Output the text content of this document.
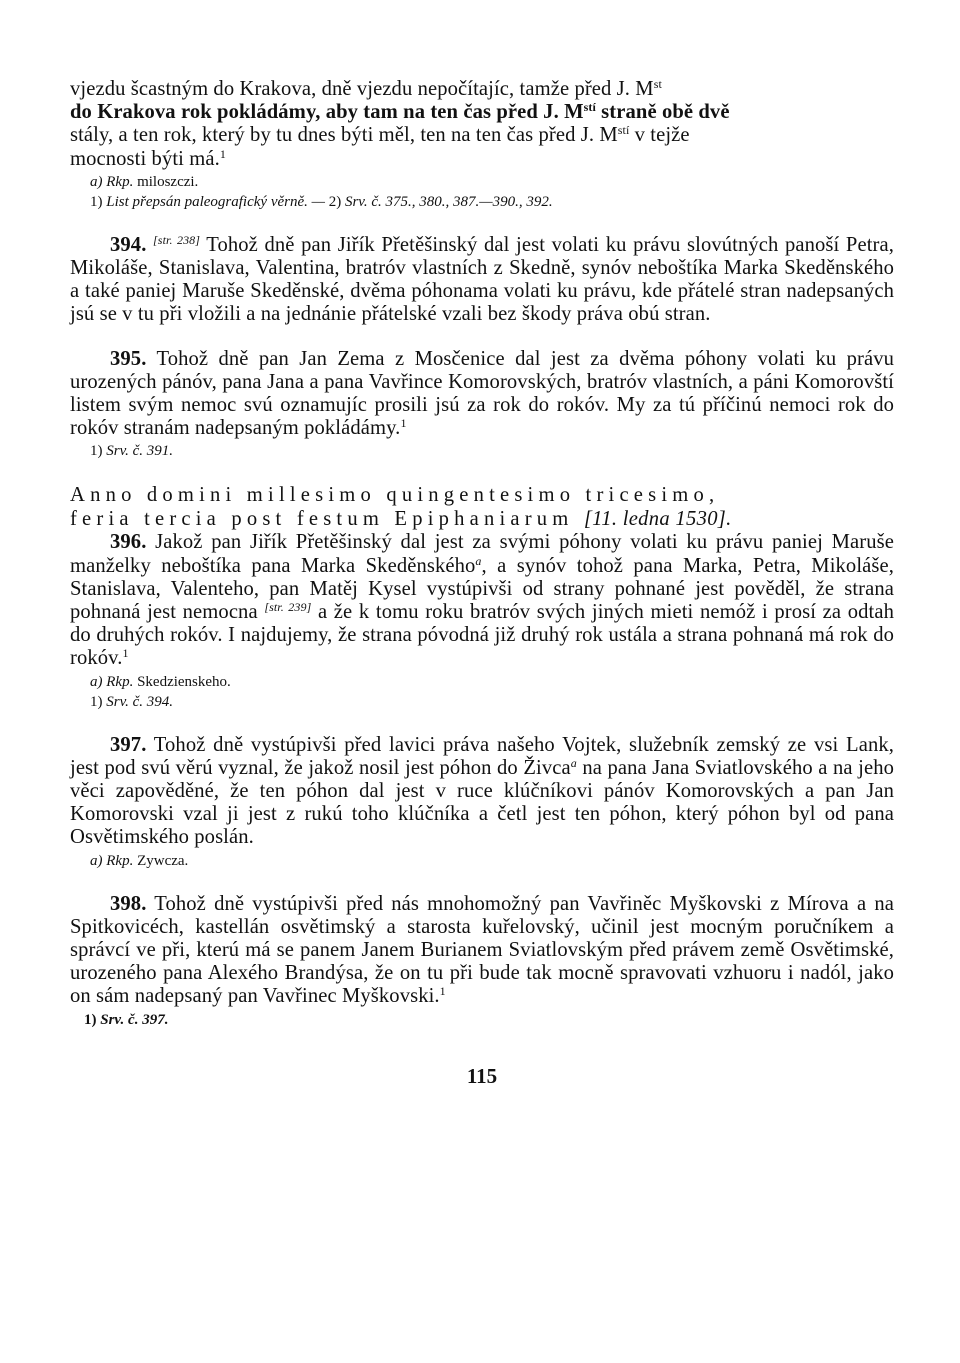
vjezdu šcastným do Krakova, dně vjezdu nepočítajíc, tamže před J. Mst
do Krakova rok pokládámy, aby tam na ten čas před J. $M^{stí}$ straně obě dvě
stály, a ten rok, který by tu dnes býti měl, ten na ten čas před J. $M^{stí}$ v tejže
mocnosti býti má.$^1$

a) Rkp. miloszczi.
1) List přepsán paleografický věrně. — 2) Srv. č. 375., 380., 387.—390., 392.

394. [str. 238] Tohož dně pan Jiřík Přetěšinský dal jest volati ku právu slovútných panoší Petra, Mikoláše, Stanislava, Valentina, bratróv vlastních z Skedně, synóv neboštíka Marka Skeděnského a také paniej Maruše Skeděnské, dvěma póhonama volati ku právu, kde přátelé stran nadepsaných jsú se v tu při vložili a na jednánie přátelské vzali bez škody práva obú stran.

395. Tohož dně pan Jan Zema z Mosčenice dal jest za dvěma póhony volati ku právu urozených pánóv, pana Jana a pana Vavřince Komorovských, bratróv vlastních, a páni Komorovští listem svým nemoc svú oznamujíc prosili jsú za rok do rokóv. My za tú příčinú nemoci rok do rokóv stranám nadepsaným pokládámy.$^1$

1) Srv. č. 391.

Anno domini millesimo quingentesimo tricesimo,

feria tercia post festum Epiphaniarum [11. ledna 1530].

396. Jakož pan Jiřík Přetěšinský dal jest za svými póhony volati ku právu paniej Maruše manželky neboštíka pana Marka Skeděnského$^a$, a synóv tohož pana Marka, Petra, Mikoláše, Stanislava, Valenteho, pan Matěj Kysel vystúpivši od strany pohnané jest pověděl, že strana pohnaná jest nemocna [str. 239] a že k tomu roku bratróv svých jiných mieti nemóž i prosí za odtah do druhých rokóv. I najdujemy, že strana póvodná již druhý rok ustála a strana pohnaná má rok do rokóv.$^1$

a) Rkp. Skedzienskeho.
1) Srv. č. 394.

397. Tohož dně vystúpivši před lavici práva našeho Vojtek, služebník zemský ze vsi Lank, jest pod svú věrú vyznal, že jakož nosil jest póhon do Živca$^a$ na pana Jana Sviatlovského a na jeho věci zapověděné, že ten póhon dal jest v ruce klúčníkovi pánóv Komorovských a pan Jan Komorovski vzal ji jest z rukú toho klúčníka a četl jest ten póhon, který póhon byl od pana Osvětimského poslán.

a) Rkp. Zywcza.

398. Tohož dně vystúpivši před nás mnohomožný pan Vavřiněc Myškovski z Mírova a na Spitkovicéch, kastellán osvětimský a starosta kuřelovský, učinil jest mocným poručníkem a správcí ve při, kterú má se panem Janem Burianem Sviatlovským před právem země Osvětimské, urozeného pana Alexého Brandýsa, že on tu při bude tak mocně spravovati vzhuoru i nadól, jako on sám nadepsaný pan Vavřinec Myškovski.$^1$

1) Srv. č. 397.
115
